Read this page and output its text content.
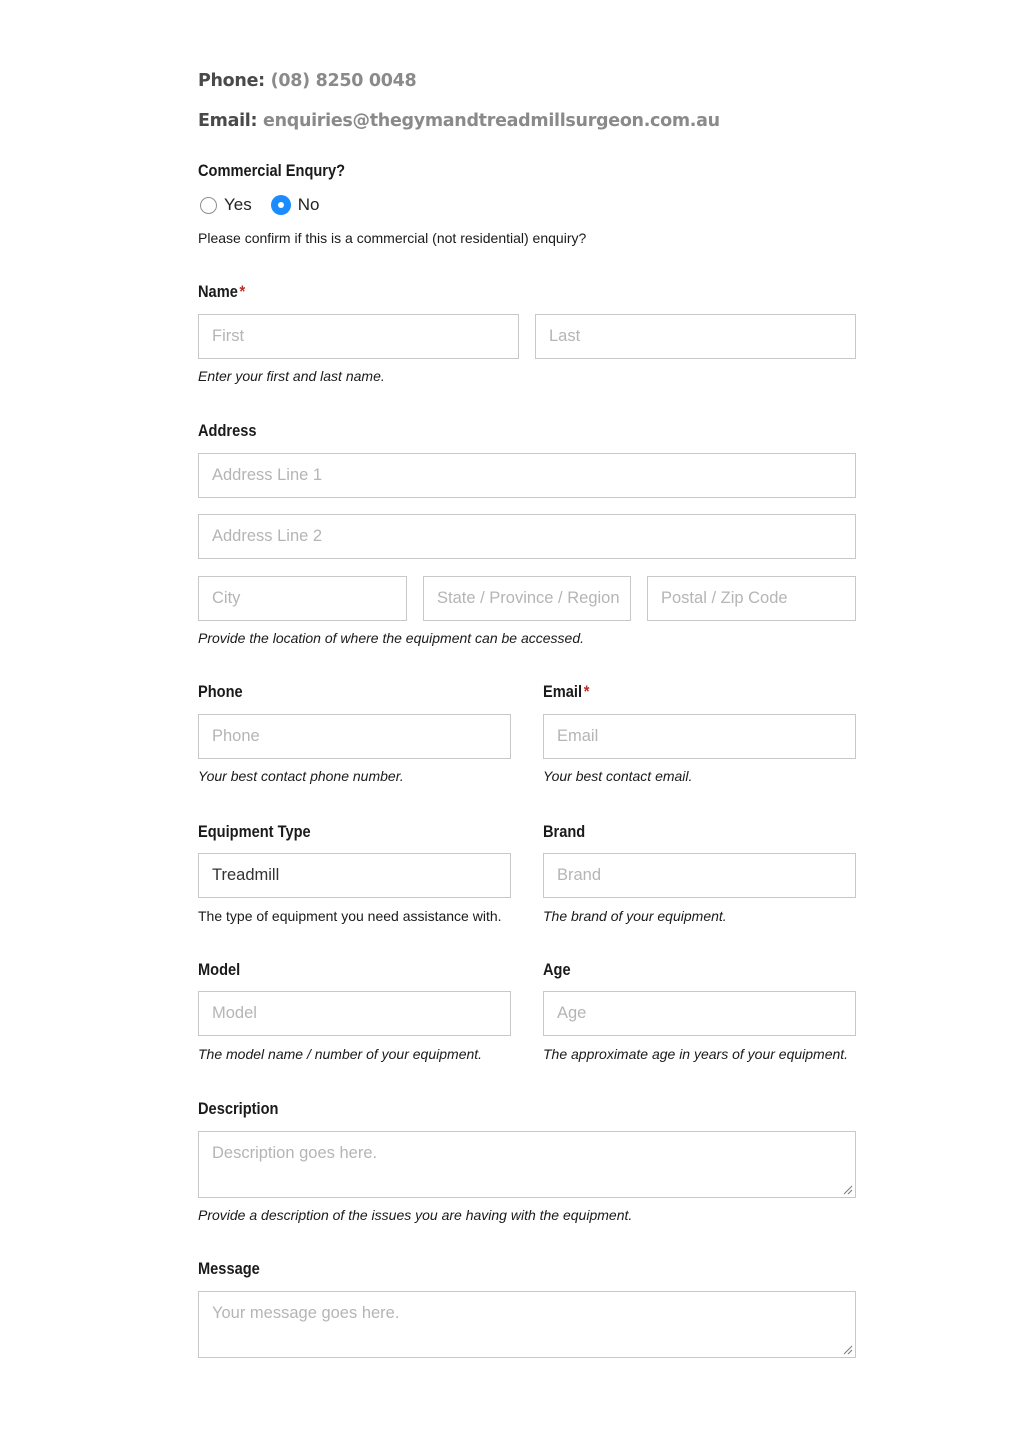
Phone: (08) 8250 0048
Email: enquiries@thegymandtreadmillsurgeon.com.au
Commercial Enqury?
Yes	No
Please confirm if this is a commercial (not residential) enquiry?
Name *
First	Last
Enter your first and last name.
Address
Address Line 1
Address Line 2
City	State / Province / Region	Postal / Zip Code
Provide the location of where the equipment can be accessed.
Phone	Email *
Phone	Email
Your best contact phone number.	Your best contact email.
Equipment Type	Brand
Treadmill	Brand
The type of equipment you need assistance with.	The brand of your equipment.
Model	Age
Model	Age
The model name / number of your equipment.	The approximate age in years of your equipment.
Description
Description goes here.
Provide a description of the issues you are having with the equipment.
Message
Your message goes here.
